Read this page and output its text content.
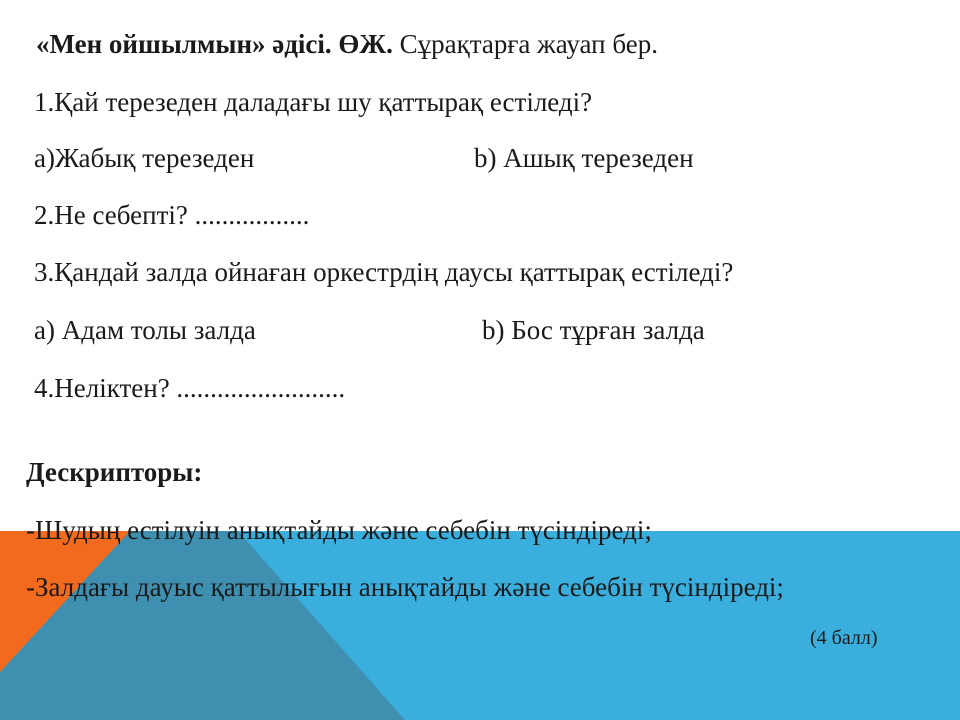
«Мен ойшылмын» әдісі. ӨЖ. Сұрақтарға жауап бер.
1.Қай терезеден даладағы шу қаттырақ естіледі?
a)Жабық терезеден	b) Ашық терезеден
2.Не себепті? .................
3.Қандай залда ойнаған оркестрдің даусы қаттырақ естіледі?
a) Адам толы залда	b) Бос тұрған залда
4.Неліктен? .........................
Дескрипторы:
-Шудың естілуін анықтайды және себебін түсіндіреді;
-Залдағы дауыс қаттылығын анықтайды және себебін түсіндіреді;
(4 балл)
